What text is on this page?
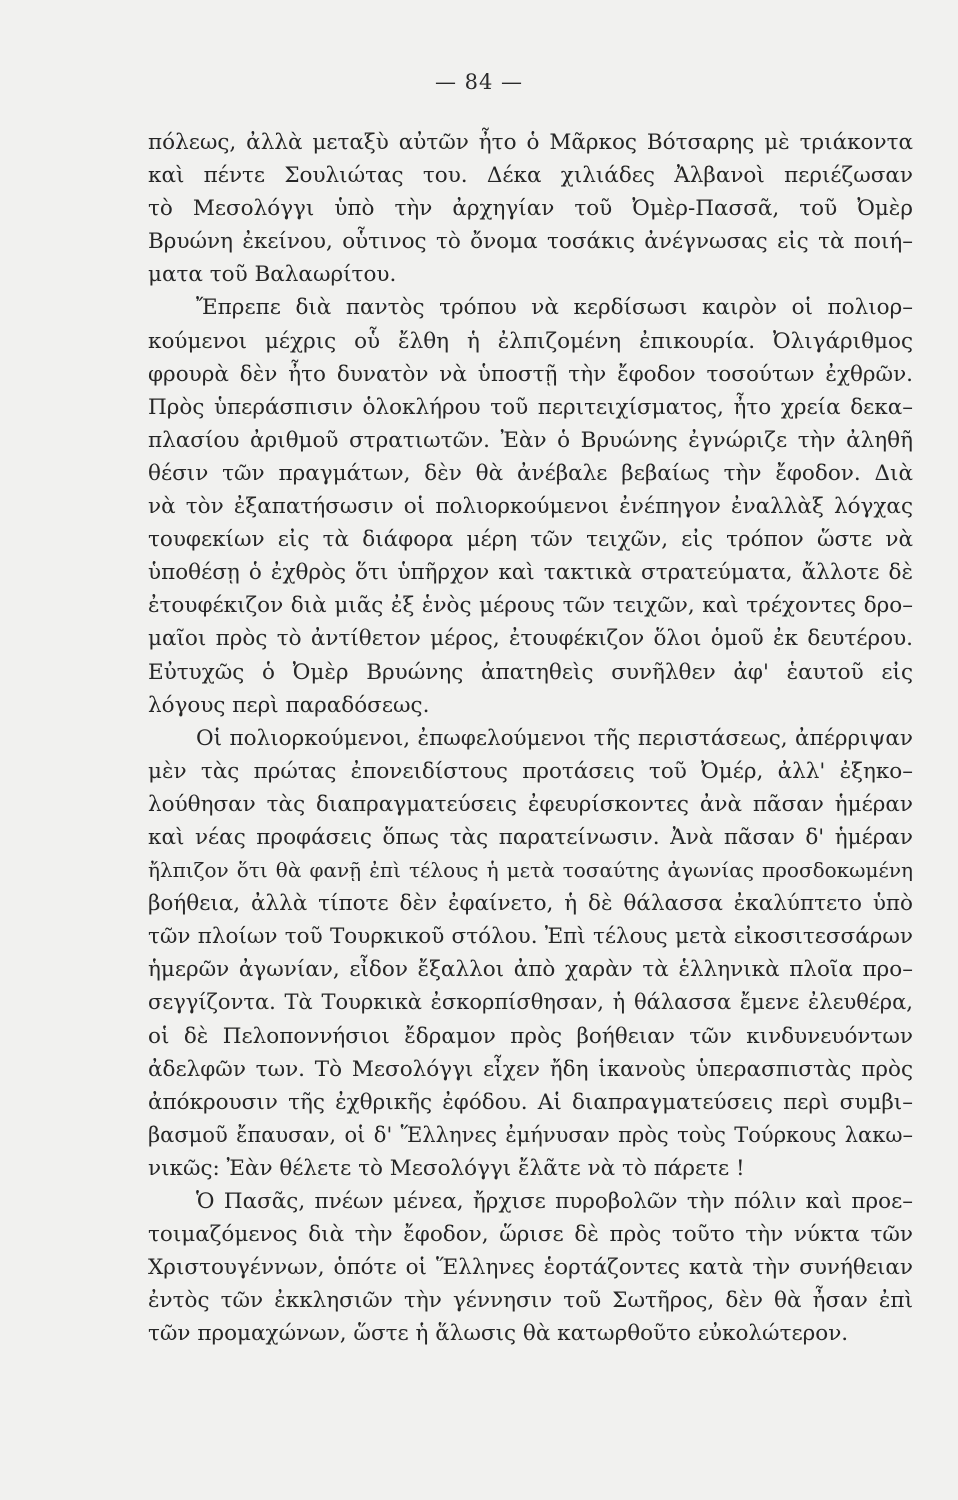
— 84 —
πόλεως, ἀλλὰ μεταξὺ αὐτῶν ἦτο ὁ Μᾶρκος Βότσαρης μὲ τριάκοντα
καὶ πέντε Σουλιώτας του. Δέκα χιλιάδες Ἀλβανοὶ περιέζωσαν
τὸ Μεσολόγγι ὑπὸ τὴν ἀρχηγίαν τοῦ Ὀμὲρ-Πασσᾶ, τοῦ Ὀμὲρ
Βρυώνη ἐκείνου, οὗτινος τὸ ὄνομα τοσάκις ἀνέγνωσας εἰς τὰ ποιή–
ματα τοῦ Βαλαωρίτου.
Ἔπρεπε διὰ παντὸς τρόπου νὰ κερδίσωσι καιρὸν οἱ πολιορ–
κούμενοι μέχρις οὗ ἔλθη ἡ ἐλπιζομένη ἐπικουρία. Ὀλιγάριθμος
φρουρὰ δὲν ἦτο δυνατὸν νὰ ὑποστῇ τὴν ἔφοδον τοσούτων ἐχθρῶν.
Πρὸς ὑπεράσπισιν ὁλοκλήρου τοῦ περιτειχίσματος, ἦτο χρεία δεκα–
πλασίου ἀριθμοῦ στρατιωτῶν. Ἐὰν ὁ Βρυώνης ἐγνώριζε τὴν ἀληθῆ
θέσιν τῶν πραγμάτων, δὲν θὰ ἀνέβαλε βεβαίως τὴν ἔφοδον. Διὰ
νὰ τὸν ἐξαπατήσωσιν οἱ πολιορκούμενοι ἐνέπηγον ἐναλλὰξ λόγχας
τουφεκίων εἰς τὰ διάφορα μέρη τῶν τειχῶν, εἰς τρόπον ὥστε νὰ
ὑποθέσῃ ὁ ἐχθρὸς ὅτι ὑπῆρχον καὶ τακτικὰ στρατεύματα, ἄλλοτε δὲ
ἐτουφέκιζον διὰ μιᾶς ἐξ ἑνὸς μέρους τῶν τειχῶν, καὶ τρέχοντες δρο–
μαῖοι πρὸς τὸ ἀντίθετον μέρος, ἐτουφέκιζον ὅλοι ὁμοῦ ἐκ δευτέρου.
Εὐτυχῶς ὁ Ὀμὲρ Βρυώνης ἀπατηθεὶς συνῆλθεν ἀφ' ἑαυτοῦ εἰς
λόγους περὶ παραδόσεως.
Οἱ πολιορκούμενοι, ἐπωφελούμενοι τῆς περιστάσεως, ἀπέρριψαν
μὲν τὰς πρώτας ἐπονειδίστους προτάσεις τοῦ Ὀμέρ, ἀλλ' ἐξηκο–
λούθησαν τὰς διαπραγματεύσεις ἐφευρίσκοντες ἀνὰ πᾶσαν ἡμέραν
καὶ νέας προφάσεις ὅπως τὰς παρατείνωσιν. Ἀνὰ πᾶσαν δ' ἡμέραν
ἤλπιζον ὅτι θὰ φανῇ ἐπὶ τέλους ἡ μετὰ τοσαύτης ἀγωνίας προσδοκωμένη
βοήθεια, ἀλλὰ τίποτε δὲν ἐφαίνετο, ἡ δὲ θάλασσα ἐκαλύπτετο ὑπὸ
τῶν πλοίων τοῦ Τουρκικοῦ στόλου. Ἐπὶ τέλους μετὰ εἰκοσιτεσσάρων
ἡμερῶν ἀγωνίαν, εἶδον ἔξαλλοι ἀπὸ χαρὰν τὰ ἑλληνικὰ πλοῖα προ–
σεγγίζοντα. Τὰ Τουρκικὰ ἐσκορπίσθησαν, ἡ θάλασσα ἔμενε ἐλευθέρα,
οἱ δὲ Πελοποννήσιοι ἔδραμον πρὸς βοήθειαν τῶν κινδυνευόντων
ἀδελφῶν των. Τὸ Μεσολόγγι εἶχεν ἤδη ἱκανοὺς ὑπερασπιστὰς πρὸς
ἀπόκρουσιν τῆς ἐχθρικῆς ἐφόδου. Αἱ διαπραγματεύσεις περὶ συμβι–
βασμοῦ ἔπαυσαν, οἱ δ' Ἕλληνες ἐμήνυσαν πρὸς τοὺς Τούρκους λακω–
νικῶς: Ἐὰν θέλετε τὸ Μεσολόγγι ἔλᾶτε νὰ τὸ πάρετε !
Ὁ Πασᾶς, πνέων μένεα, ἤρχισε πυροβολῶν τὴν πόλιν καὶ προε–
τοιμαζόμενος διὰ τὴν ἔφοδον, ὥρισε δὲ πρὸς τοῦτο τὴν νύκτα τῶν
Χριστουγέννων, ὁπότε οἱ Ἕλληνες ἑορτάζοντες κατὰ τὴν συνήθειαν
ἐντὸς τῶν ἐκκλησιῶν τὴν γέννησιν τοῦ Σωτῆρος, δὲν θὰ ἦσαν ἐπὶ
τῶν προμαχώνων, ὥστε ἡ ἅλωσις θὰ κατωρθοῦτο εὐκολώτερον.
